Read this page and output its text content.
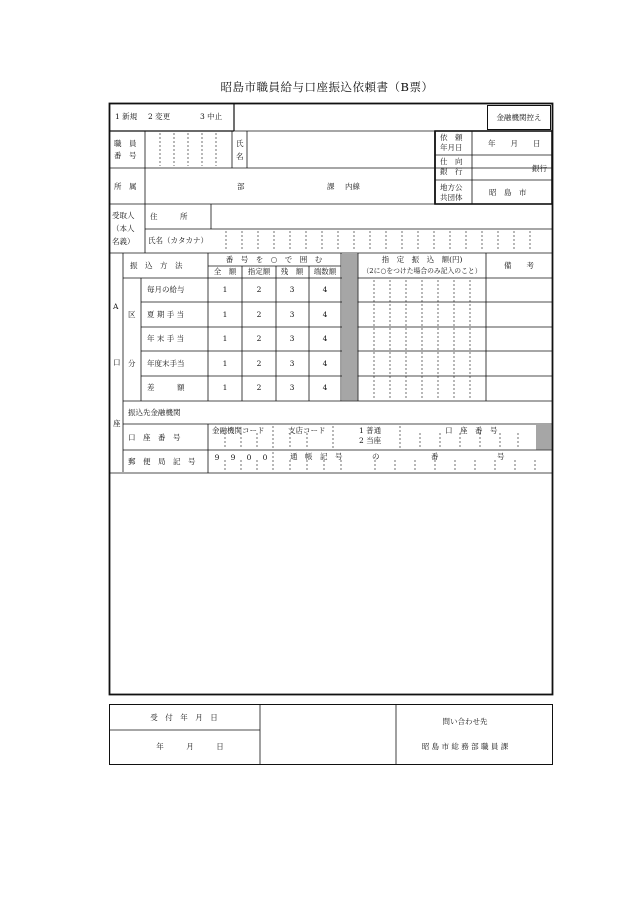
昭島市職員給与口座振込依頼書（B票）
金融機関控え
1 新規 2 変更	3 中止
職　員
番　号
氏
名
依　頼
年月日	年　　月　　日
仕　向
銀　行	銀行
所　属	部	課 内線	地方公
共団体
昭　島　市
受取人
（本人
名義）
住　　　所
氏名（カタカナ）
振　込　方　法
番　号　を　○　で　囲　む
全　額 指定額 残　額 端数額
指　定　振　込　額(円)
（2に○をつけた場合のみ記入のこと）
備　　考
A
口
座
区
分
毎月の給与	1	2	3	4
夏 期 手 当	1	2	3	4
年 末 手 当	1	2	3	4
年度末手当	1	2	3	4
差　　　額	1	2	3	4
振込先金融機関
口　座　番　号
金融機関コード	支店コード	1 普通
2 当座
口　座　番　号
郵　便　局　記　号	9 9 0 0	通　帳　記　号	の	番	号
受　付　年　月　日
年　　　月　　　日
問い合わせ先
昭 島 市 総 務 部 職 員 課
